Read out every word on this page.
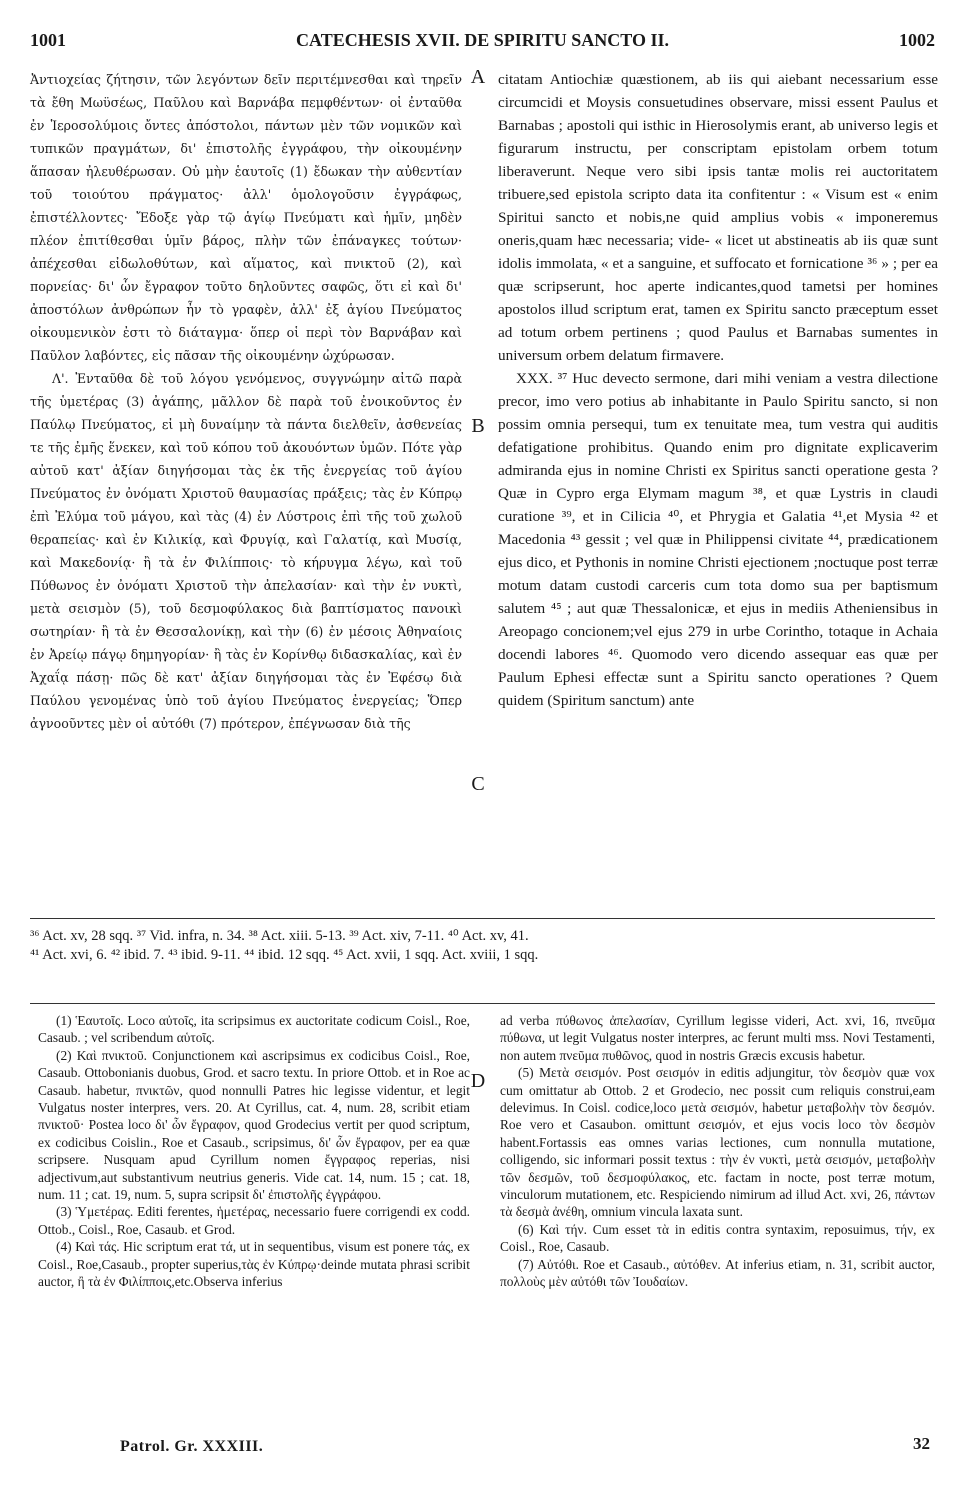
1001	CATECHESIS XVII. DE SPIRITU SANCTO II.	1002

Ἀντιοχείας ζήτησιν, τῶν λεγόντων δεῖν περιτέμνεσθαι καὶ τηρεῖν τὰ ἔθη Μωϋσέως, Παῦλου καὶ Βαρνάβα πεμφθέντων· οἱ ἐνταῦθα ἐν Ἱεροσολύμοις ὄντες ἀπόστολοι, πάντων μὲν τῶν νομικῶν καὶ τυπικῶν πραγμάτων, δι' ἐπιστολῆς ἐγγράφου, τὴν οἰκουμένην ἅπασαν ἠλευθέρωσαν. Οὐ μὴν ἑαυτοῖς (1) ἔδωκαν τὴν αὐθεντίαν τοῦ τοιούτου πράγματος· ἀλλ' ὁμολογοῦσιν ἐγγράφως, ἐπιστέλλοντες· Ἔδοξε γὰρ τῷ ἁγίῳ Πνεύματι καὶ ἡμῖν, μηδὲν πλέον ἐπιτίθεσθαι ὑμῖν βάρος, πλὴν τῶν ἐπάναγκες τούτων· ἀπέχεσθαι εἰδωλοθύτων, καὶ αἵματος, καὶ πνικτοῦ (2), καὶ πορνείας· δι' ὧν ἔγραφον τοῦτο δηλοῦντες σαφῶς, ὅτι εἰ καὶ δι' ἀποστόλων ἀνθρώπων ἦν τὸ γραφὲν, ἀλλ' ἐξ ἁγίου Πνεύματος οἰκουμενικὸν ἐστι τὸ διάταγμα· ὅπερ οἱ περὶ τὸν Βαρνάβαν καὶ Παῦλον λαβόντες, εἰς πᾶσαν τῆς οἰκουμένην ὠχύρωσαν.

Λ'. Ἐνταῦθα δὲ τοῦ λόγου γενόμενος, συγγνώμην αἰτῶ παρὰ τῆς ὑμετέρας (3) ἀγάπης, μᾶλλον δὲ παρὰ τοῦ ἐνοικοῦντος ἐν Παύλῳ Πνεύματος, εἰ μὴ δυναίμην τὰ πάντα διελθεῖν, ἀσθενείας τε τῆς ἐμῆς ἕνεκεν, καὶ τοῦ κόπου τοῦ ἀκουόντων ὑμῶν. Πότε γὰρ αὐτοῦ κατ' ἀξίαν διηγήσομαι τὰς ἐκ τῆς ἐνεργείας τοῦ ἁγίου Πνεύματος ἐν ὀνόματι Χριστοῦ θαυμασίας πράξεις; τὰς ἐν Κύπρῳ ἐπὶ Ἐλύμα τοῦ μάγου, καὶ τὰς (4) ἐν Λύστροις ἐπὶ τῆς τοῦ χωλοῦ θεραπείας· καὶ ἐν Κιλικίᾳ, καὶ Φρυγίᾳ, καὶ Γαλατίᾳ, καὶ Μυσίᾳ, καὶ Μακεδονίᾳ· ἢ τὰ ἐν Φιλίπποις· τὸ κήρυγμα λέγω, καὶ τοῦ Πύθωνος ἐν ὀνόματι Χριστοῦ τὴν ἀπελασίαν· καὶ τὴν ἐν νυκτὶ, μετὰ σεισμὸν (5), τοῦ δεσμοφύλακος διὰ βαπτίσματος πανοικὶ σωτηρίαν· ἢ τὰ ἐν Θεσσαλονίκῃ, καὶ τὴν (6) ἐν μέσοις Ἀθηναίοις ἐν Ἀρείῳ πάγῳ δημηγορίαν· ἢ τὰς ἐν Κορίνθῳ διδασκαλίας, καὶ ἐν Ἀχαΐᾳ πάσῃ· πῶς δὲ κατ' ἀξίαν διηγήσομαι τὰς ἐν Ἐφέσῳ διὰ Παύλου γενομένας ὑπὸ τοῦ ἁγίου Πνεύματος ἐνεργείας; Ὅπερ ἀγνοοῦντες μὲν οἱ αὐτόθι (7) πρότερον, ἐπέγνωσαν διὰ τῆς

A
B
C
D

citatam Antiochiæ quæstionem, ab iis qui aiebant necessarium esse circumcidi et Moysis consuetudines observare, missi essent Paulus et Barnabas ; apostoli qui isthic in Hierosolymis erant, ab universo legis et figurarum instructu, per conscriptam epistolam orbem totum liberaverunt. Neque vero sibi ipsis tantæ molis rei auctoritatem tribuere,sed epistola scripto data ita confitentur : « Visum est « enim Spiritui sancto et nobis,ne quid amplius vobis « imponeremus oneris,quam hæc necessaria; vide- « licet ut abstineatis ab iis quæ sunt idolis immolata, « et a sanguine, et suffocato et fornicatione ³⁶ » ; per ea quæ scripserunt, hoc aperte indicantes,quod tametsi per homines apostolos illud scriptum erat, tamen ex Spiritu sancto præceptum esset ad totum orbem pertinens ; quod Paulus et Barnabas sumentes in universum orbem delatum firmavere.

XXX. ³⁷ Huc devecto sermone, dari mihi veniam a vestra dilectione precor, imo vero potius ab inhabitante in Paulo Spiritu sancto, si non possim omnia persequi, tum ex tenuitate mea, tum vestra qui auditis defatigatione prohibitus. Quando enim pro dignitate explicaverim admiranda ejus in nomine Christi ex Spiritus sancti operatione gesta ? Quæ in Cypro erga Elymam magum ³⁸, et quæ Lystris in claudi curatione ³⁹, et in Cilicia ⁴⁰, et Phrygia et Galatia ⁴¹,et Mysia ⁴² et Macedonia ⁴³ gessit ; vel quæ in Philippensi civitate ⁴⁴, prædicationem ejus dico, et Pythonis in nomine Christi ejectionem ;noctuque post terræ motum datam custodi carceris cum tota domo sua per baptismum salutem ⁴⁵ ; aut quæ Thessalonicæ, et ejus in mediis Atheniensibus in Areopago concionem;vel ejus 279 in urbe Corintho, totaque in Achaia docendi labores ⁴⁶. Quomodo vero dicendo assequar eas quæ per Paulum Ephesi effectæ sunt a Spiritu sancto operationes ? Quem quidem (Spiritum sanctum) ante

³⁶ Act. xv, 28 sqq. ³⁷ Vid. infra, n. 34. ³⁸ Act. xiii. 5-13. ³⁹ Act. xiv, 7-11. ⁴⁰ Act. xv, 41.
⁴¹ Act. xvi, 6. ⁴² ibid. 7. ⁴³ ibid. 9-11. ⁴⁴ ibid. 12 sqq. ⁴⁵ Act. xvii, 1 sqq. Act. xviii, 1 sqq.

(1) Ἑαυτοῖς. Loco αὐτοῖς, ita scripsimus ex auctoritate codicum Coisl., Roe, Casaub. ; vel scribendum αὑτοῖς.

(2) Καὶ πνικτοῦ. Conjunctionem καὶ ascripsimus ex codicibus Coisl., Roe, Casaub. Ottobonianis duobus, Grod. et sacro textu. In priore Ottob. et in Roe ac Casaub. habetur, πνικτῶν, quod nonnulli Patres hic legisse videntur, et legit Vulgatus noster interpres, vers. 20. At Cyrillus, cat. 4, num. 28, scribit etiam πνικτοῦ· Postea loco δι' ὧν ἔγραφον, quod Grodecius vertit per quod scriptum, ex codicibus Coislin., Roe et Casaub., scripsimus, δι' ὧν ἔγραφον, per ea quæ scripsere. Nusquam apud Cyrillum nomen ἔγγραφος reperias, nisi adjectivum,aut substantivum neutrius generis. Vide cat. 14, num. 15 ; cat. 18, num. 11 ; cat. 19, num. 5, supra scripsit δι' ἐπιστολῆς ἐγγράφου.

(3) Ὑμετέρας. Editi ferentes, ἡμετέρας, necessario fuere corrigendi ex codd. Ottob., Coisl., Roe, Casaub. et Grod.

(4) Καὶ τάς. Hic scriptum erat τά, ut in sequentibus, visum est ponere τάς, ex Coisl., Roe,Casaub., propter superius,τὰς ἐν Κύπρῳ·deinde mutata phrasi scribit auctor, ἢ τὰ ἐν Φιλίπποις,etc.Observa inferius

ad verba πύθωνος ἀπελασίαν, Cyrillum legisse videri, Act. xvi, 16, πνεῦμα πύθωνα, ut legit Vulgatus noster interpres, ac ferunt multi mss. Novi Testamenti, non autem πνεῦμα πυθῶνος, quod in nostris Græcis excusis habetur.

(5) Μετὰ σεισμόν. Post σεισμόν in editis adjungitur, τὸν δεσμὸν quæ vox cum omittatur ab Ottob. 2 et Grodecio, nec possit cum reliquis construi,eam delevimus. In Coisl. codice,loco μετὰ σεισμόν, habetur μεταβολὴν τὸν δεσμόν. Roe vero et Casaubon. omittunt σεισμόν, et ejus vocis loco τὸν δεσμὸν habent.Fortassis eas omnes varias lectiones, cum nonnulla mutatione, colligendo, sic informari possit textus : τὴν ἐν νυκτὶ, μετὰ σεισμόν, μεταβολὴν τῶν δεσμῶν, τοῦ δεσμοφύλακος, etc. factam in nocte, post terræ motum, vinculorum mutationem, etc. Respiciendo nimirum ad illud Act. xvi, 26, πάντων τὰ δεσμὰ ἀνέθη, omnium vincula laxata sunt.

(6) Καὶ τήν. Cum esset τὰ in editis contra syntaxim, reposuimus, τήν, ex Coisl., Roe, Casaub.

(7) Αὐτόθι. Roe et Casaub., αὐτόθεν. At inferius etiam, n. 31, scribit auctor, πολλοὺς μὲν αὐτόθι τῶν Ἰουδαίων.

Patrol. Gr. XXXIII.	32
